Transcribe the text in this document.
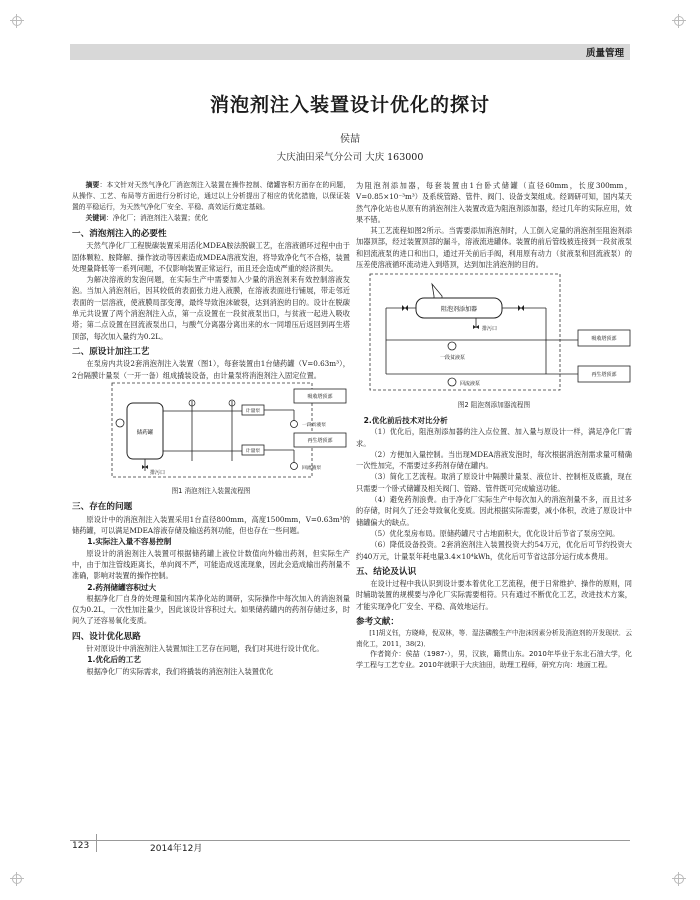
质量管理
消泡剂注入装置设计优化的探讨
侯喆
大庆油田采气分公司 大庆 163000

摘要：本文针对天然气净化厂消泡剂注入装置在操作控制、储罐容积方面存在的问题，从操作、工艺、布局等方面进行分析讨论，通过以上分析提出了相应的优化措施，以保证装置的平稳运行，为天然气净化厂安全、平稳、高效运行奠定基础。

关键词：净化厂；消泡剂注入装置；优化

一、消泡剂注入的必要性

天然气净化厂工程脱碳装置采用活化MDEA胺法脱碳工艺，在溶液循环过程中由于固体颗粒、胺降解、操作波动等因素造成MDEA溶液发泡，将导致净化气不合格，装置处理量降低等一系列问题，不仅影响装置正常运行，而且还会造成严重的经济损失。

为解决溶液的发泡问题，在实际生产中需要加入少量的消泡剂来有效控制溶液发泡。当加入消泡剂后，因其较低的表面张力进入液膜，在溶液表面进行铺展，带走邻近表面的一层溶液，使液膜局部变薄，最终导致泡沫破裂，达到消泡的目的。设计在脱碳单元共设置了两个消泡剂注入点，第一点设置在一段贫液泵出口，与贫液一起进入吸收塔；第二点设置在回流液泵出口，与酸气分离器分离出来的水一同增压后返回到再生塔顶部，每次加入量约为0.2L。

二、原设计加注工艺

在泵房内共设2套消泡剂注入装置（图1），每套装置由1台储药罐（V=0.63m³），2台隔膜计量泵（一开一备）组成撬装设备，由计量泵将消泡剂注入固定位置。

储药罐
排污口
计量泵
计量泵
吸收塔顶部
再生塔顶部
一段贫液泵
回流液泵

图1 消泡剂注入装置流程图

三、存在的问题

原设计中的消泡剂注入装置采用1台直径800mm，高度1500mm，V=0.63m³的储药罐，可以满足MDEA溶液存储及输送药剂功能，但也存在一些问题。

1.实际注入量不容易控制

原设计的消泡剂注入装置可根据储药罐上液位计数值向外输出药剂，但实际生产中，由于加注管线距离长，单向阀不严，可能造成返流现象，因此会造成输出药剂量不准确，影响对装置的操作控制。

2.药剂储罐容积过大

根据净化厂自身的处理量和国内某净化站的调研，实际操作中每次加入的消泡剂量仅为0.2L，一次性加注量少，因此该设计容积过大。如果储药罐内的药剂存储过多，时间久了还容易氧化变质。

四、设计优化思路

针对原设计中消泡剂注入装置加注工艺存在问题，我们对其进行设计优化。

1.优化后的工艺

根据净化厂的实际需求，我们将撬装的消泡剂注入装置优化

为阻泡剂添加器，每套装置由1台卧式储罐（直径60mm，长度300mm，V=0.85×10⁻³m³）及系统管路、管件、阀门、设备支架组成。经调研可知，国内某天然气净化站也从原有的消泡剂注入装置改造为阻泡剂添加器，经过几年的实际应用，效果不错。

其工艺流程如图2所示。当需要添加消泡剂时，人工倒入定量的消泡剂至阻泡剂添加器顶部，经过装置顶部的漏斗，溶液流进罐体。装置的前后管线被连接到一段贫液泵和回流液泵的进口和出口，通过开关前后手阀，利用原有动力（贫液泵和回流液泵）的压差使溶液循环流动进入到塔顶，达到加注消泡剂的目的。

阻泡剂添加器
排污口
一段贫液泵
回流液泵
吸收塔顶部
再生塔顶部

图2 阻泡剂添加器流程图

2.优化前后技术对比分析

（1）优化后，阻泡剂添加器的注入点位置、加入量与原设计一样，满足净化厂需求。

（2）方便加入量控制。当出现MDEA溶液发泡时，每次根据消泡剂需求量可精确一次性加完，不需要过多药剂存储在罐内。

（3）简化工艺流程。取消了原设计中隔膜计量泵、液位计、控制柜及底撬，现在只需要一个卧式储罐及相关阀门、管路、管件既可完成输送功能。

（4）避免药剂浪费。由于净化厂实际生产中每次加入的消泡剂量不多，而且过多的存储，时间久了还会导致氧化变质。因此根据实际需要，减小体积，改进了原设计中储罐偏大的缺点。

（5）优化泵房布局。原储药罐尺寸占地面积大，优化设计后节省了泵房空间。

（6）降低设备投资。2套消泡剂注入装置投资大约54万元，优化后可节约投资大约40万元，计量泵年耗电量3.4×10⁴kWh，优化后可节省这部分运行成本费用。

五、结论及认识

在设计过程中我认识到设计要本着优化工艺流程，便于日常维护、操作的原则，同时辅助装置的规模要与净化厂实际需要相符。只有通过不断优化工艺，改进技术方案，才能实现净化厂安全、平稳、高效地运行。

参考文献：

[1]胡义钰，方晓峰，倪双林，等．湿法磷酸生产中泡沫因素分析及消泡剂的开发现状．云南化工，2011，38(2)．

作者简介：侯喆（1987-），男，汉族，籍贯山东。2010年毕业于东北石油大学，化学工程与工艺专业。2010年就职于大庆油田，助理工程师，研究方向：地面工程。

123	2014年12月
